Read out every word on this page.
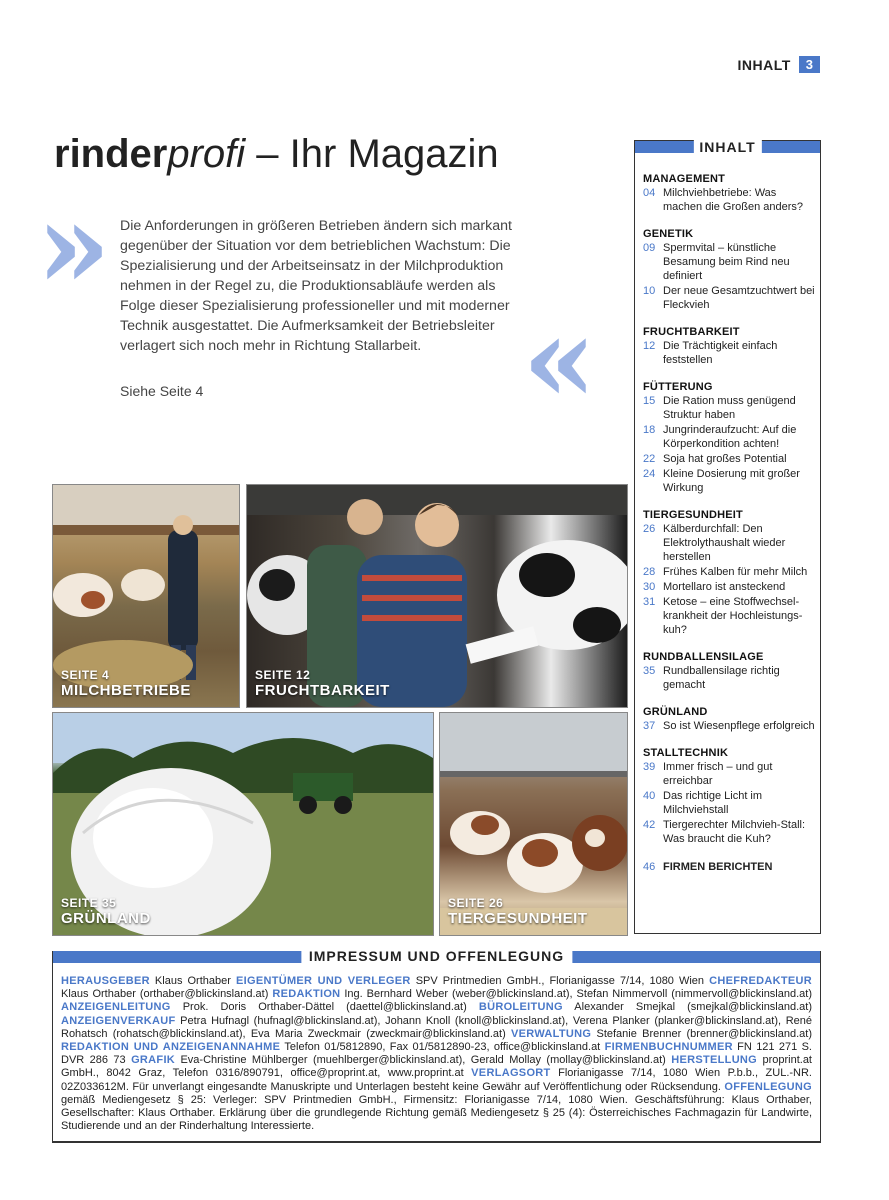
INHALT	3
rinderprofi – Ihr Magazin
» Die Anforderungen in größeren Betrieben ändern sich markant gegenüber der Situation vor dem betrieblichen Wachstum: Die Spezialisierung und der Arbeitseinsatz in der Milchproduktion nehmen in der Regel zu, die Produktionsabläufe werden als Folge dieser Spezialisierung professioneller und mit moderner Technik ausgestattet. Die Aufmerksamkeit der Betriebsleiter verlagert sich noch mehr in Richtung Stallarbeit. «
Siehe Seite 4
SEITE 4
MILCHBETRIEBE
SEITE 12
FRUCHTBARKEIT
SEITE 35
GRÜNLAND
SEITE 26
TIERGESUNDHEIT
INHALT
MANAGEMENT
04 Milchviehbetriebe: Was machen die Großen anders?
GENETIK
09 Spermvital – künstliche Besamung beim Rind neu definiert
10 Der neue Gesamtzuchtwert bei Fleckvieh
FRUCHTBARKEIT
12 Die Trächtigkeit einfach feststellen
FÜTTERUNG
15 Die Ration muss genügend Struktur haben
18 Jungrinderaufzucht: Auf die Körperkondition achten!
22 Soja hat großes Potential
24 Kleine Dosierung mit großer Wirkung
TIERGESUNDHEIT
26 Kälberdurchfall: Den Elektrolythaushalt wieder herstellen
28 Frühes Kalben für mehr Milch
30 Mortellaro ist ansteckend
31 Ketose – eine Stoffwechsel-krankheit der Hochleistungs-kuh?
RUNDBALLENSILAGE
35 Rundballensilage richtig gemacht
GRÜNLAND
37 So ist Wiesenpflege erfolgreich
STALLTECHNIK
39 Immer frisch – und gut erreichbar
40 Das richtige Licht im Milchviehstall
42 Tiergerechter Milchvieh-Stall: Was braucht die Kuh?
46 FIRMEN BERICHTEN
IMPRESSUM UND OFFENLEGUNG
HERAUSGEBER Klaus Orthaber EIGENTÜMER UND VERLEGER SPV Printmedien GmbH., Florianigasse 7/14, 1080 Wien CHEFREDAKTEUR Klaus Orthaber (orthaber@blickinsland.at) REDAKTION Ing. Bernhard Weber (weber@blickinsland.at), Stefan Nimmervoll (nimmervoll@blickinsland.at) ANZEIGENLEITUNG Prok. Doris Orthaber-Dättel (daettel@blickinsland.at) BÜROLEITUNG Alexander Smejkal (smejkal@blickinsland.at) ANZEIGENVERKAUF Petra Hufnagl (hufnagl@blickinsland.at), Johann Knoll (knoll@blickinsland.at), Verena Planker (planker@blickinsland.at), René Rohatsch (rohatsch@blickinsland.at), Eva Maria Zweckmair (zweckmair@blickinsland.at) VERWALTUNG Stefanie Brenner (brenner@blickinsland.at) REDAKTION UND ANZEIGENANNAHME Telefon 01/5812890, Fax 01/5812890-23, office@blickinsland.at FIRMENBUCHNUMMER FN 121 271 S. DVR 286 73 GRAFIK Eva-Christine Mühlberger (muehlberger@blickinsland.at), Gerald Mollay (mollay@blickinsland.at) HERSTELLUNG proprint.at GmbH., 8042 Graz, Telefon 0316/890791, office@proprint.at, www.proprint.at VERLAGSORT Florianigasse 7/14, 1080 Wien P.b.b., ZUL.-NR. 02Z033612M. Für unverlangt eingesandte Manuskripte und Unterlagen besteht keine Gewähr auf Veröffentlichung oder Rücksendung. OFFENLEGUNG gemäß Mediengesetz § 25: Verleger: SPV Printmedien GmbH., Firmensitz: Florianigasse 7/14, 1080 Wien. Geschäftsführung: Klaus Orthaber, Gesellschafter: Klaus Orthaber. Erklärung über die grundlegende Richtung gemäß Mediengesetz § 25 (4): Österreichisches Fachmagazin für Landwirte, Studierende und an der Rinderhaltung Interessierte.
